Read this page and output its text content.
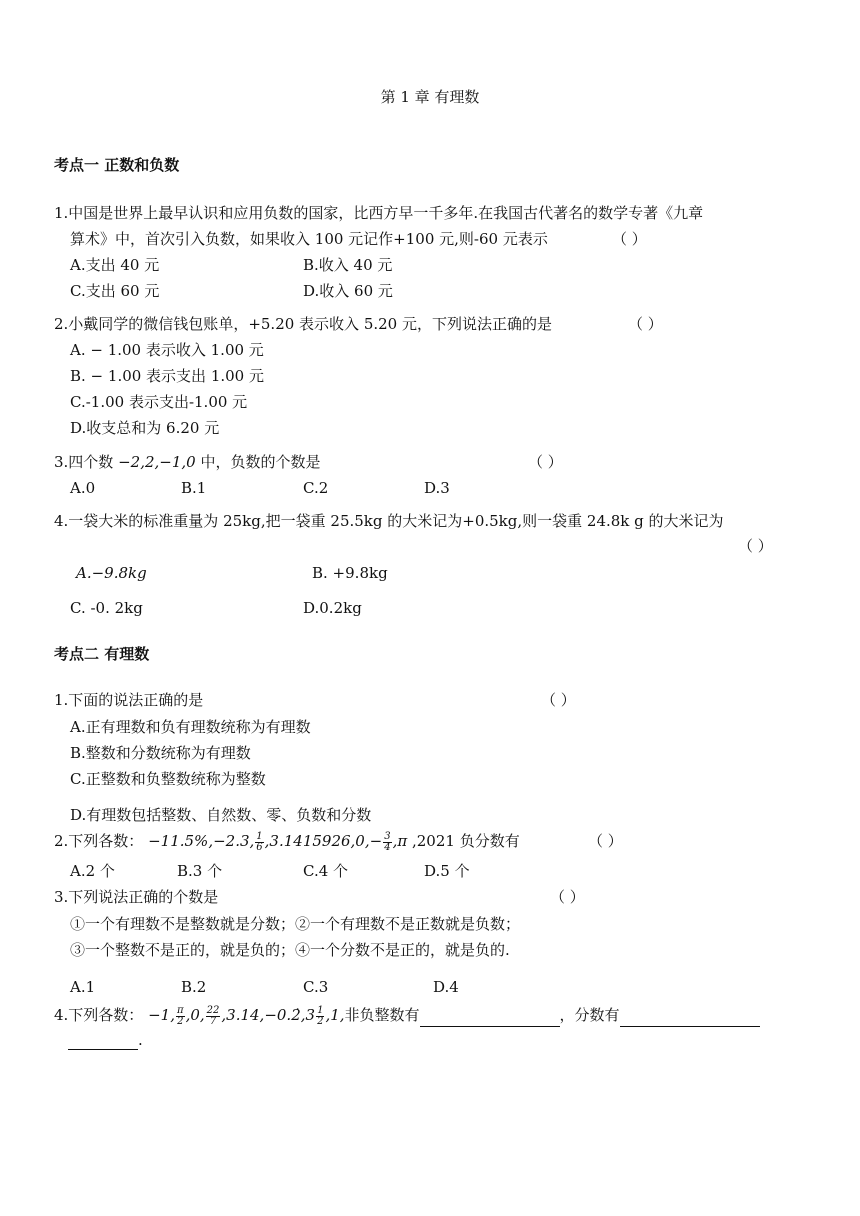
第 1 章 有理数
考点一 正数和负数
1.中国是世界上最早认识和应用负数的国家，比西方早一千多年.在我国古代著名的数学专著《九章
算术》中，首次引入负数，如果收入 100 元记作+100 元,则-60 元表示	（ ）
A.支出 40 元	B.收入 40 元
C.支出 60 元	D.收入 60 元
2.小戴同学的微信钱包账单，+5.20 表示收入 5.20 元，下列说法正确的是	（ ）
A. − 1.00 表示收入 1.00 元
B. − 1.00 表示支出 1.00 元
C.-1.00 表示支出-1.00 元
D.收支总和为 6.20 元
3.四个数 −2,2,−1,0 中，负数的个数是	（ ）
A.0	B.1	C.2	D.3
4.一袋大米的标准重量为 25kg,把一袋重 25.5kg 的大米记为+0.5kg,则一袋重 24.8k g 的大米记为
（ ）
A.−9.8kg	B. +9.8kg
C. -0. 2kg	D.0.2kg
考点二 有理数
1.下面的说法正确的是	（ ）
A.正有理数和负有理数统称为有理数
B.整数和分数统称为有理数
C.正整数和负整数统称为整数
D.有理数包括整数、自然数、零、负数和分数
2.下列各数： −11.5%,−2.3, $\frac{1}{6} ,3.1415926,0,- \frac{3}{4} ,\pi$ ,2021 负分数有	（ ）
A.2 个	B.3 个	C.4 个	D.5 个
3.下列说法正确的个数是	（ ）
①一个有理数不是整数就是分数；②一个有理数不是正数就是负数；
③一个整数不是正的，就是负的；④一个分数不是正的，就是负的.
A.1	B.2	C.3	D.4
4.下列各数： −1, $\frac{\pi}{2} ,0$, $\frac{22}{7}$ ,3.14,−0.2̇,3 $\frac{1}{2} ,1$,非负整数有	，分数有
.
